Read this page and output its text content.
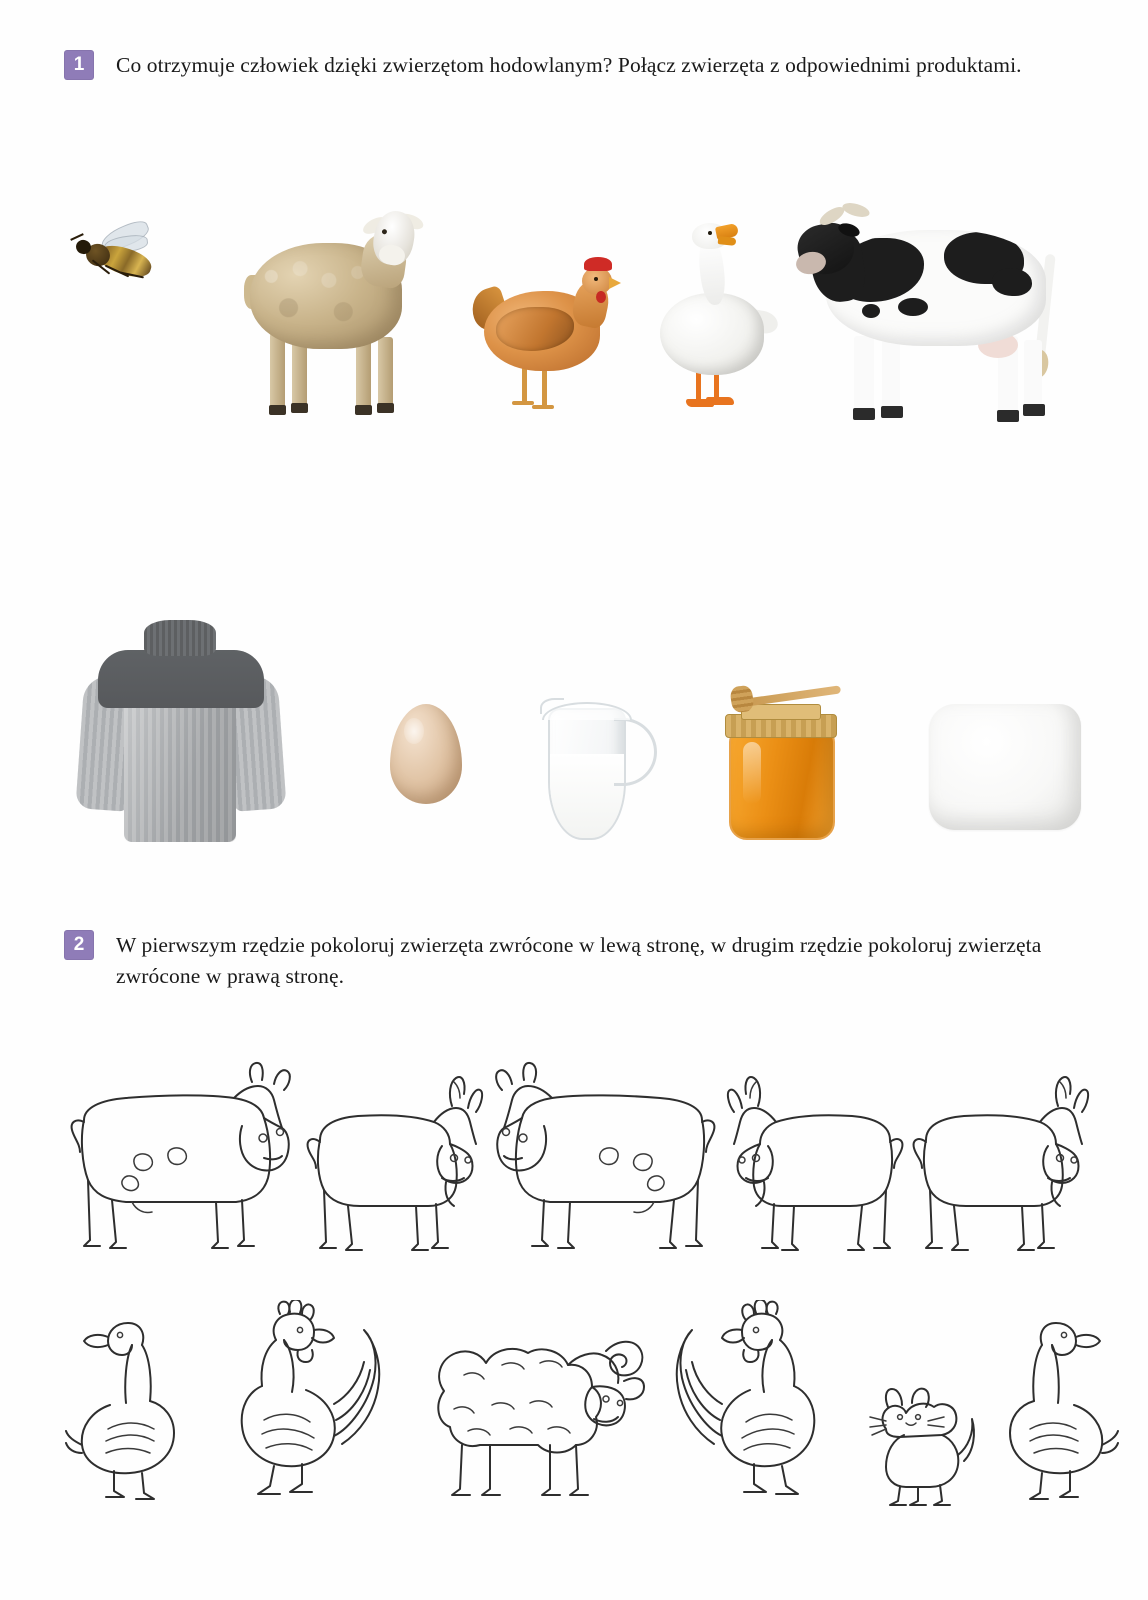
1	Co otrzymuje człowiek dzięki zwierzętom hodowlanym? Połącz zwierzęta z odpowiednimi produktami.
2	W pierwszym rzędzie pokoloruj zwierzęta zwrócone w lewą stronę, w drugim rzędzie pokoloruj zwierzęta zwrócone w prawą stronę.
